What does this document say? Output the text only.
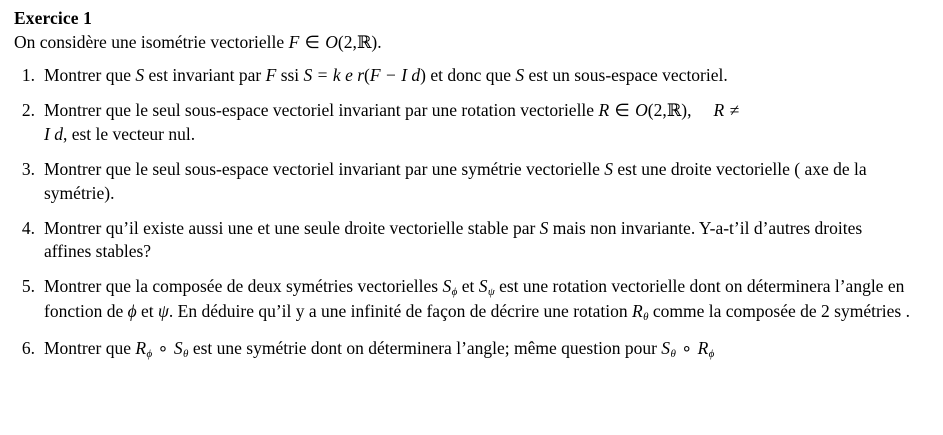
Exercice 1
On considère une isométrie vectorielle F ∈ O(2,ℝ).
1. Montrer que S est invariant par F ssi S = k e r(F − I d) et donc que S est un sous-espace vectoriel.
2. Montrer que le seul sous-espace vectoriel invariant par une rotation vectorielle R ∈ O(2,ℝ), R ≠
I d, est le vecteur nul.
3. Montrer que le seul sous-espace vectoriel invariant par une symétrie vectorielle S est une droite vectorielle ( axe de la symétrie).
4. Montrer qu’il existe aussi une et une seule droite vectorielle stable par S mais non invariante. Y-a-t’il d’autres droites affines stables?
5. Montrer que la composée de deux symétries vectorielles $S_\phi$ et $S_\psi$ est une rotation vectorielle dont on déterminera l’angle en fonction de ϕ et ψ. En déduire qu’il y a une infinité de façon de décrire une rotation $R_\theta$ comme la composée de 2 symétries .
6. Montrer que $R_\phi$ ∘ $S_\theta$ est une symétrie dont on déterminera l’angle; même question pour $S_\theta$ ∘ $R_\phi$
